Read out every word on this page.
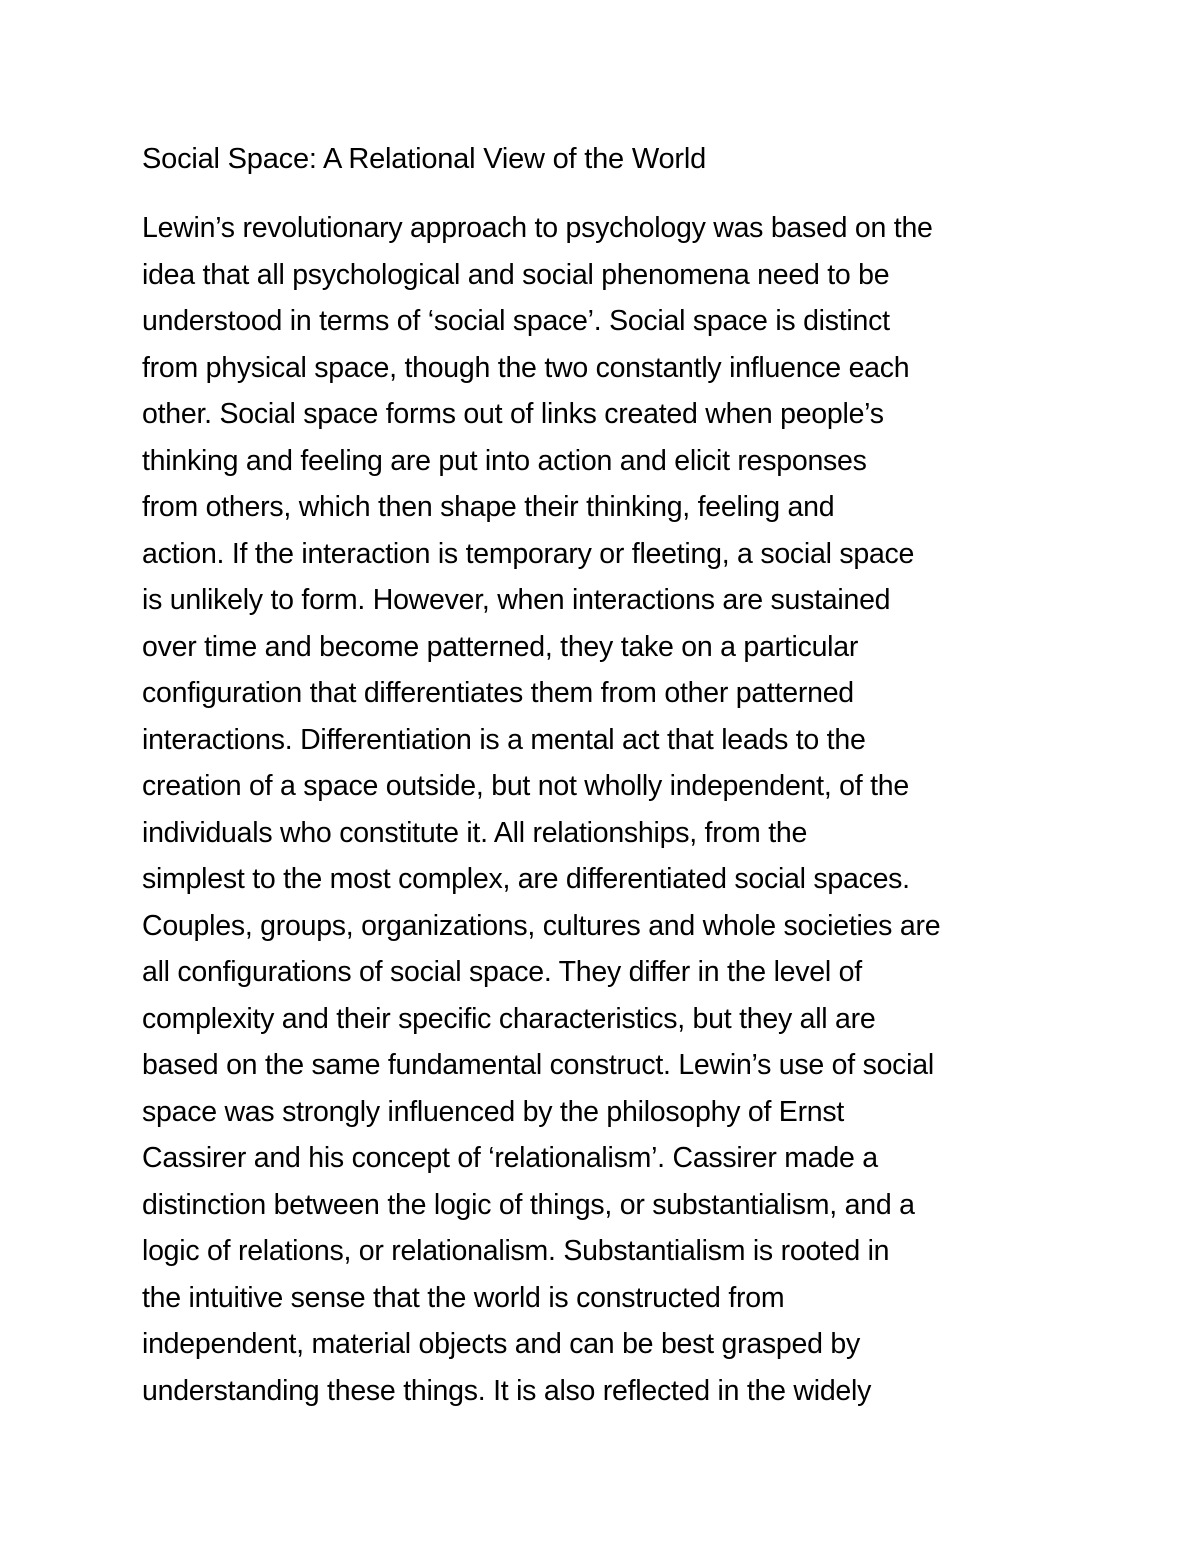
Social Space: A Relational View of the World
Lewin’s revolutionary approach to psychology was based on the
idea that all psychological and social phenomena need to be
understood in terms of ‘social space’. Social space is distinct
from physical space, though the two constantly influence each
other. Social space forms out of links created when people’s
thinking and feeling are put into action and elicit responses
from others, which then shape their thinking, feeling and
action. If the interaction is temporary or fleeting, a social space
is unlikely to form. However, when interactions are sustained
over time and become patterned, they take on a particular
configuration that differentiates them from other patterned
interactions. Differentiation is a mental act that leads to the
creation of a space outside, but not wholly independent, of the
individuals who constitute it. All relationships, from the
simplest to the most complex, are differentiated social spaces.
Couples, groups, organizations, cultures and whole societies are
all configurations of social space. They differ in the level of
complexity and their specific characteristics, but they all are
based on the same fundamental construct. Lewin’s use of social
space was strongly influenced by the philosophy of Ernst
Cassirer and his concept of ‘relationalism’. Cassirer made a
distinction between the logic of things, or substantialism, and a
logic of relations, or relationalism. Substantialism is rooted in
the intuitive sense that the world is constructed from
independent, material objects and can be best grasped by
understanding these things. It is also reflected in the widely
